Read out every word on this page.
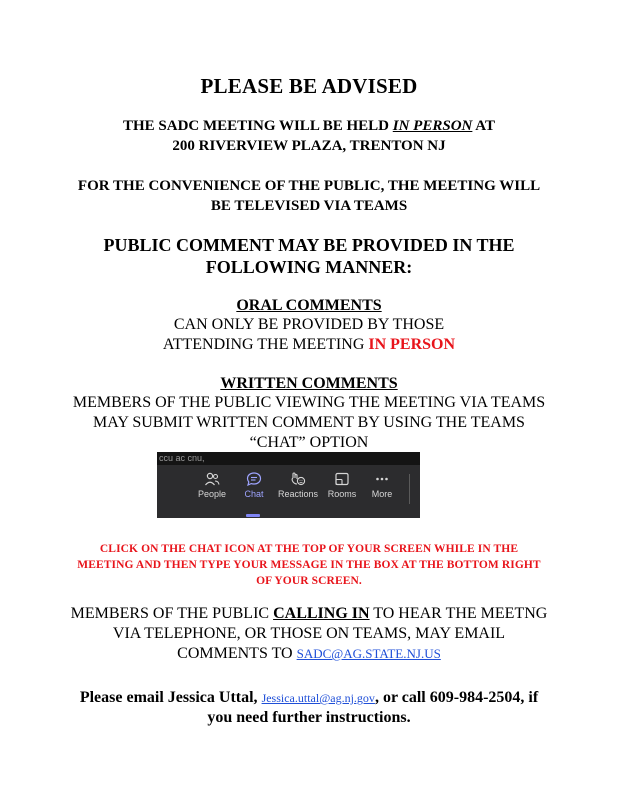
PLEASE BE ADVISED
THE SADC MEETING WILL BE HELD IN PERSON AT
200 RIVERVIEW PLAZA, TRENTON NJ
FOR THE CONVENIENCE OF THE PUBLIC, THE MEETING WILL
BE TELEVISED VIA TEAMS
PUBLIC COMMENT MAY BE PROVIDED IN THE
FOLLOWING MANNER:
ORAL COMMENTS
CAN ONLY BE PROVIDED BY THOSE
ATTENDING THE MEETING IN PERSON
WRITTEN COMMENTS
MEMBERS OF THE PUBLIC VIEWING THE MEETING VIA TEAMS
MAY SUBMIT WRITTEN COMMENT BY USING THE TEAMS
“CHAT” OPTION
ccu ac cnu,
People	Chat	Reactions	Rooms	More
CLICK ON THE CHAT ICON AT THE TOP OF YOUR SCREEN WHILE IN THE
MEETING AND THEN TYPE YOUR MESSAGE IN THE BOX AT THE BOTTOM RIGHT
OF YOUR SCREEN.
MEMBERS OF THE PUBLIC CALLING IN TO HEAR THE MEETNG
VIA TELEPHONE, OR THOSE ON TEAMS, MAY EMAIL
COMMENTS TO SADC@AG.STATE.NJ.US
Please email Jessica Uttal, Jessica.uttal@ag.nj.gov, or call 609-984-2504, if
you need further instructions.
